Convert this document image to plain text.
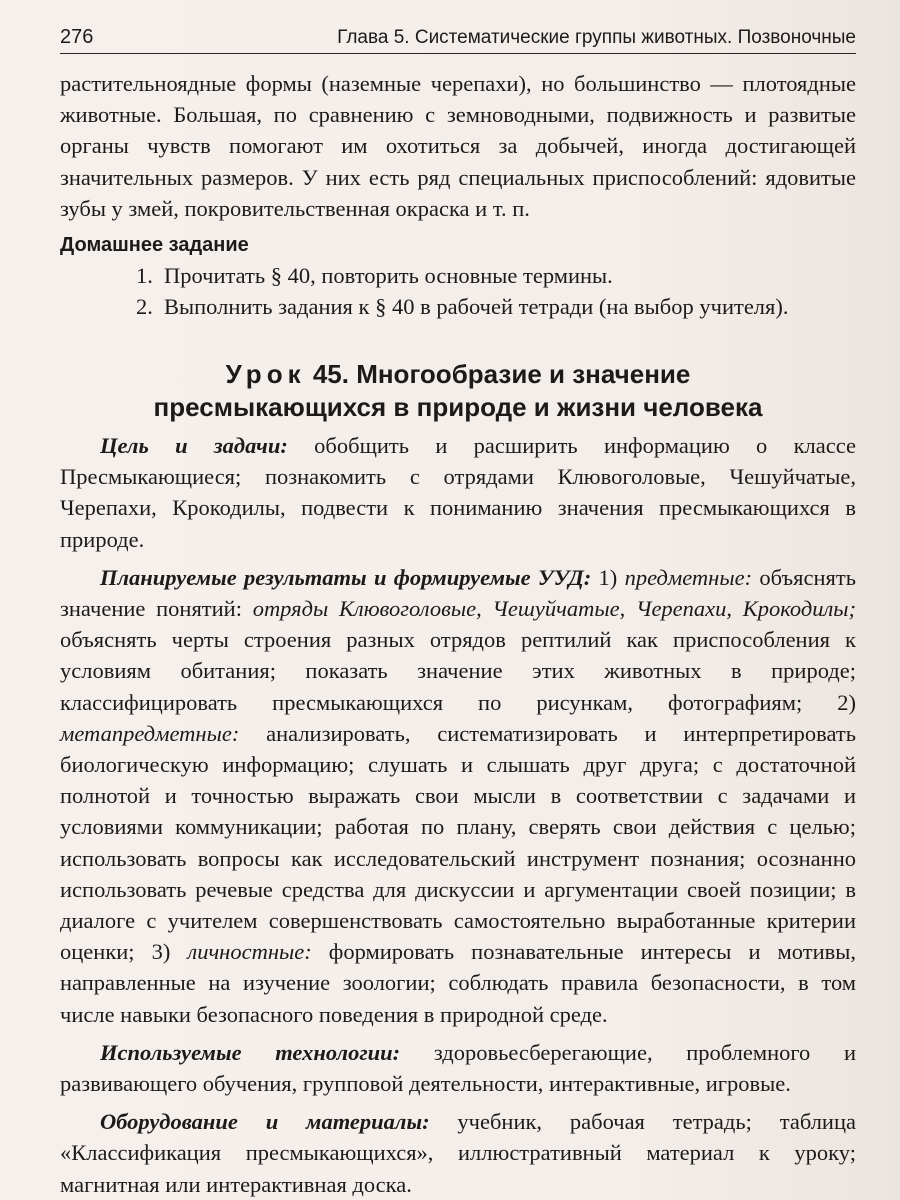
276	Глава 5. Систематические группы животных. Позвоночные

растительноядные формы (наземные черепахи), но большинство — плотоядные животные. Большая, по сравнению с земноводными, подвижность и развитые органы чувств помогают им охотиться за добычей, иногда достигающей значительных размеров. У них есть ряд специальных приспособлений: ядовитые зубы у змей, покровительственная окраска и т. п.

Домашнее задание
1. Прочитать § 40, повторить основные термины.
2. Выполнить задания к § 40 в рабочей тетради (на выбор учителя).
Урок 45. Многообразие и значение
пресмыкающихся в природе и жизни человека

Цель и задачи: обобщить и расширить информацию о классе Пресмыкающиеся; познакомить с отрядами Клювоголовые, Чешуйчатые, Черепахи, Крокодилы, подвести к пониманию значения пресмыкающихся в природе.

Планируемые результаты и формируемые УУД: 1) предметные: объяснять значение понятий: отряды Клювоголовые, Чешуйчатые, Черепахи, Крокодилы; объяснять черты строения разных отрядов рептилий как приспособления к условиям обитания; показать значение этих животных в природе; классифицировать пресмыкающихся по рисункам, фотографиям; 2) метапредметные: анализировать, систематизировать и интерпретировать биологическую информацию; слушать и слышать друг друга; с достаточной полнотой и точностью выражать свои мысли в соответствии с задачами и условиями коммуникации; работая по плану, сверять свои действия с целью; использовать вопросы как исследовательский инструмент познания; осознанно использовать речевые средства для дискуссии и аргументации своей позиции; в диалоге с учителем совершенствовать самостоятельно выработанные критерии оценки; 3) личностные: формировать познавательные интересы и мотивы, направленные на изучение зоологии; соблюдать правила безопасности, в том числе навыки безопасного поведения в природной среде.

Используемые технологии: здоровьесберегающие, проблемного и развивающего обучения, групповой деятельности, интерактивные, игровые.

Оборудование и материалы: учебник, рабочая тетрадь; таблица «Классификация пресмыкающихся», иллюстративный материал к уроку; магнитная или интерактивная доска.
